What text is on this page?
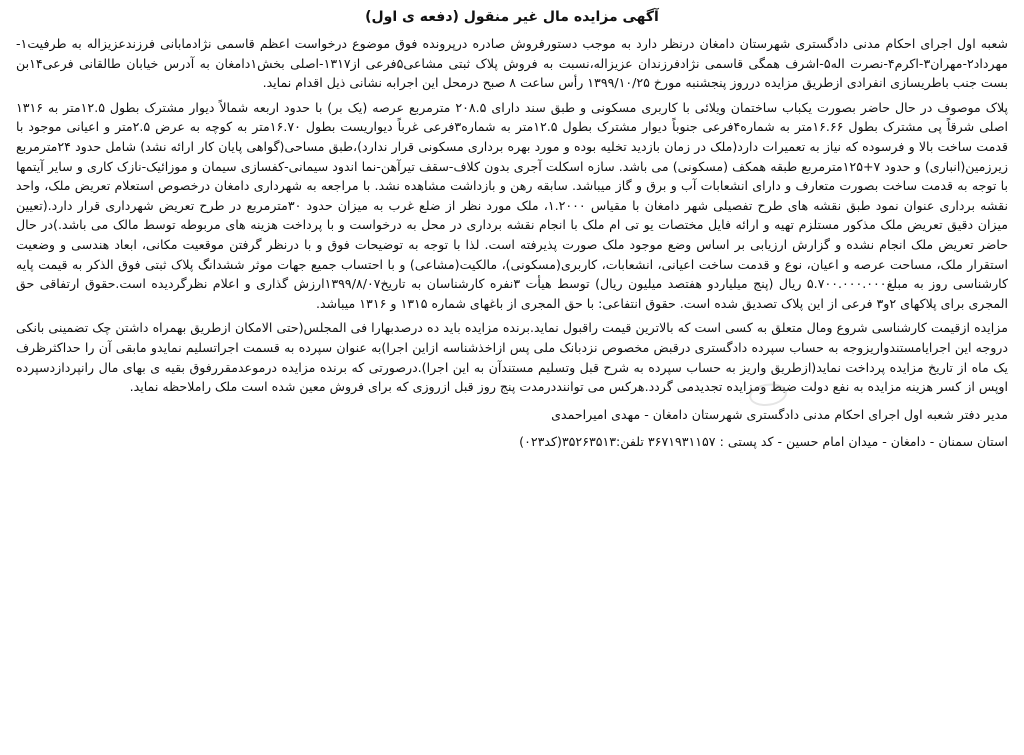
آگهی مزایده مال غیر منقول (دفعه ی اول)

شعبه اول اجرای احکام مدنی دادگستری شهرستان دامغان درنظر دارد به موجب دستورفروش صادره درپرونده فوق موضوع درخواست اعظم قاسمی نژادمابانی فرزندعزیزاله به طرفیت۱-مهرداد۲-مهران۳-اکرم۴-نصرت اله۵-اشرف همگی قاسمی نژادفرزندان عزیزاله،نسبت به فروش پلاک ثبتی مشاعی۵فرعی از۱۳۱۷-اصلی بخش۱دامغان به آدرس خیابان طالقانی فرعی۱۴بن بست جنب باطریسازی انفرادی ازطریق مزایده درروز پنجشنبه مورخ ۱۳۹۹/۱۰/۲۵ رأس ساعت ۸ صبح درمحل این اجرابه نشانی ذیل اقدام نماید.

پلاک موصوف در حال حاضر بصورت یکباب ساختمان ویلائی با کاربری مسکونی و طبق سند دارای ۲۰۸.۵ مترمربع عرصه (یک بر) با حدود اربعه شمالاً دیوار مشترک بطول ۱۲.۵متر به ۱۳۱۶ اصلی شرقاً پی مشترک بطول ۱۶.۶۶متر به شماره۴فرعی جنوباً دیوار مشترک بطول ۱۲.۵متر به شماره۳فرعی غرباً دیواریست بطول ۱۶.۷۰متر به کوچه به عرض ۲.۵متر و اعیانی موجود با قدمت ساخت بالا و فرسوده که نیاز به تعمیرات دارد(ملک در زمان بازدید تخلیه بوده و مورد بهره برداری مسکونی قرار ندارد)،طبق مساحی(گواهی پایان کار ارائه نشد) شامل حدود ۲۴مترمربع زیرزمین(انباری) و حدود ۷+۱۲۵مترمربع طبقه همکف (مسکونی) می باشد. سازه اسکلت آجری بدون کلاف-سقف تیرآهن-نما اندود سیمانی-کفسازی سیمان و موزائیک-نازک کاری و سایر آیتمها با توجه به قدمت ساخت بصورت متعارف و دارای انشعابات آب و برق و گاز میباشد. سابقه رهن و بازداشت مشاهده نشد. با مراجعه به شهرداری دامغان درخصوص استعلام تعریض ملک، واحد نقشه برداری عنوان نمود طبق نقشه های طرح تفصیلی شهر دامغان با مقیاس ۱.۲۰۰۰، ملک مورد نظر از ضلع غرب به میزان حدود ۳۰مترمربع در طرح تعریض شهرداری قرار دارد.(تعیین میزان دقیق تعریض ملک مذکور مستلزم تهیه و ارائه فایل مختصات یو تی ام ملک با انجام نقشه برداری در محل به درخواست و با پرداخت هزینه های مربوطه توسط مالک می باشد.)در حال حاضر تعریض ملک انجام نشده و گزارش ارزیابی بر اساس وضع موجود ملک صورت پذیرفته است. لذا با توجه به توضیحات فوق و با درنظر گرفتن موقعیت مکانی، ابعاد هندسی و وضعیت استقرار ملک، مساحت عرصه و اعیان، نوع و قدمت ساخت اعیانی، انشعابات، کاربری(مسکونی)، مالکیت(مشاعی) و با احتساب جمیع جهات موثر ششدانگ پلاک ثبتی فوق الذکر به قیمت پایه کارشناسی روز به مبلغ۵.۷۰۰.۰۰۰.۰۰۰ ریال (پنج میلیاردو هفتصد میلیون ریال) توسط هیأت ۳نفره کارشناسان به تاریخ۱۳۹۹/۸/۰۷ارزش گذاری و اعلام نظرگردیده است.حقوق ارتفاقی حق المجری برای پلاکهای ۲و۳ فرعی از این پلاک تصدیق شده است. حقوق انتفاعی: با حق المجری از باغهای شماره ۱۳۱۵ و ۱۳۱۶ میباشد.

مزایده ازقیمت کارشناسی شروع ومال متعلق به کسی است که بالاترین قیمت راقبول نماید.برنده مزایده باید ده درصدبهارا فی المجلس(حتی الامکان ازطریق بهمراه داشتن چک تضمینی بانکی دروجه این اجرایامستندواریزوجه به حساب سپرده دادگستری درقبض مخصوص نزدبانک ملی پس ازاخذشناسه ازاین اجرا)به عنوان سپرده به قسمت اجراتسلیم نمایدو مابقی آن را حداکثرظرف یک ماه از تاریخ مزایده پرداخت نماید(ازطریق واریز به حساب سپرده به شرح قبل وتسلیم مستندآن به این اجرا).درصورتی که برنده مزایده درموعدمقررفوق بقیه ی بهای مال رانپردازدسپرده اوپس از کسر هزینه مزایده به نفع دولت ضبط ومزایده تجدیدمی گردد.هرکس می تواننددرمدت پنج روز قبل ازروزی که برای فروش معین شده است ملک راملاحظه نماید.

مدیر دفتر شعبه اول اجرای احکام مدنی دادگستری شهرستان دامغان - مهدی امیراحمدی
استان سمنان - دامغان - میدان امام حسین - کد پستی : ۳۶۷۱۹۳۱۱۵۷ تلفن:۳۵۲۶۳۵۱۳(کد۰۲۳)
